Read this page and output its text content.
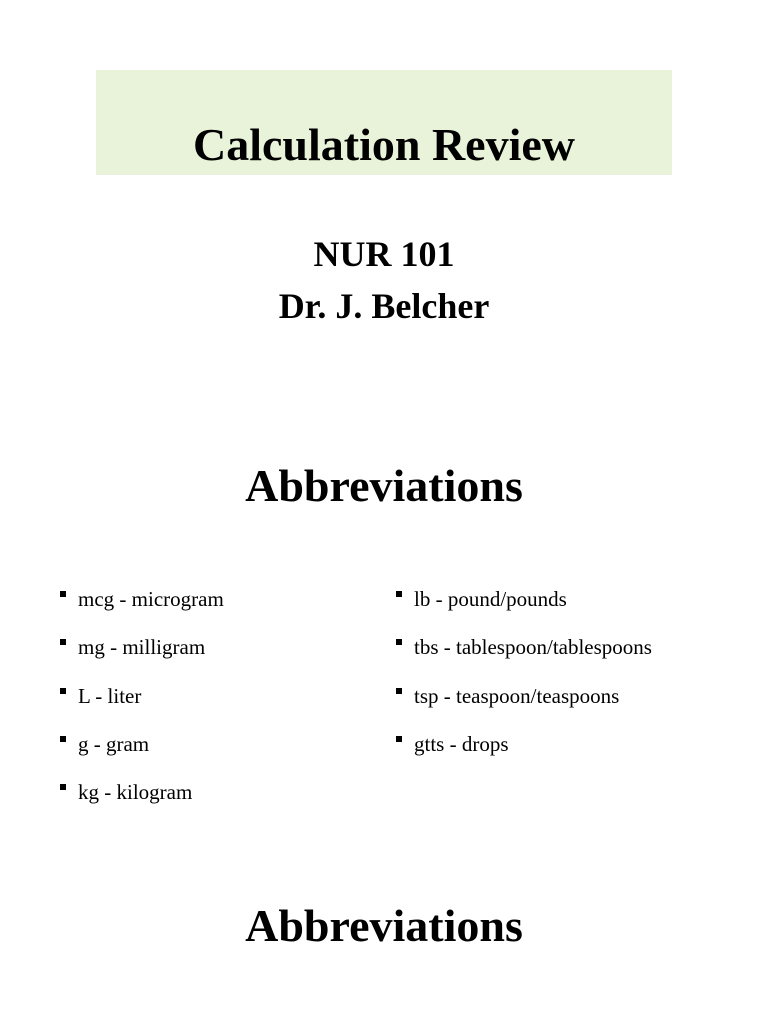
Calculation Review
NUR 101
Dr. J. Belcher
Abbreviations
mcg - microgram
mg - milligram
L - liter
g - gram
kg - kilogram
lb - pound/pounds
tbs - tablespoon/tablespoons
tsp - teaspoon/teaspoons
gtts - drops
Abbreviations
